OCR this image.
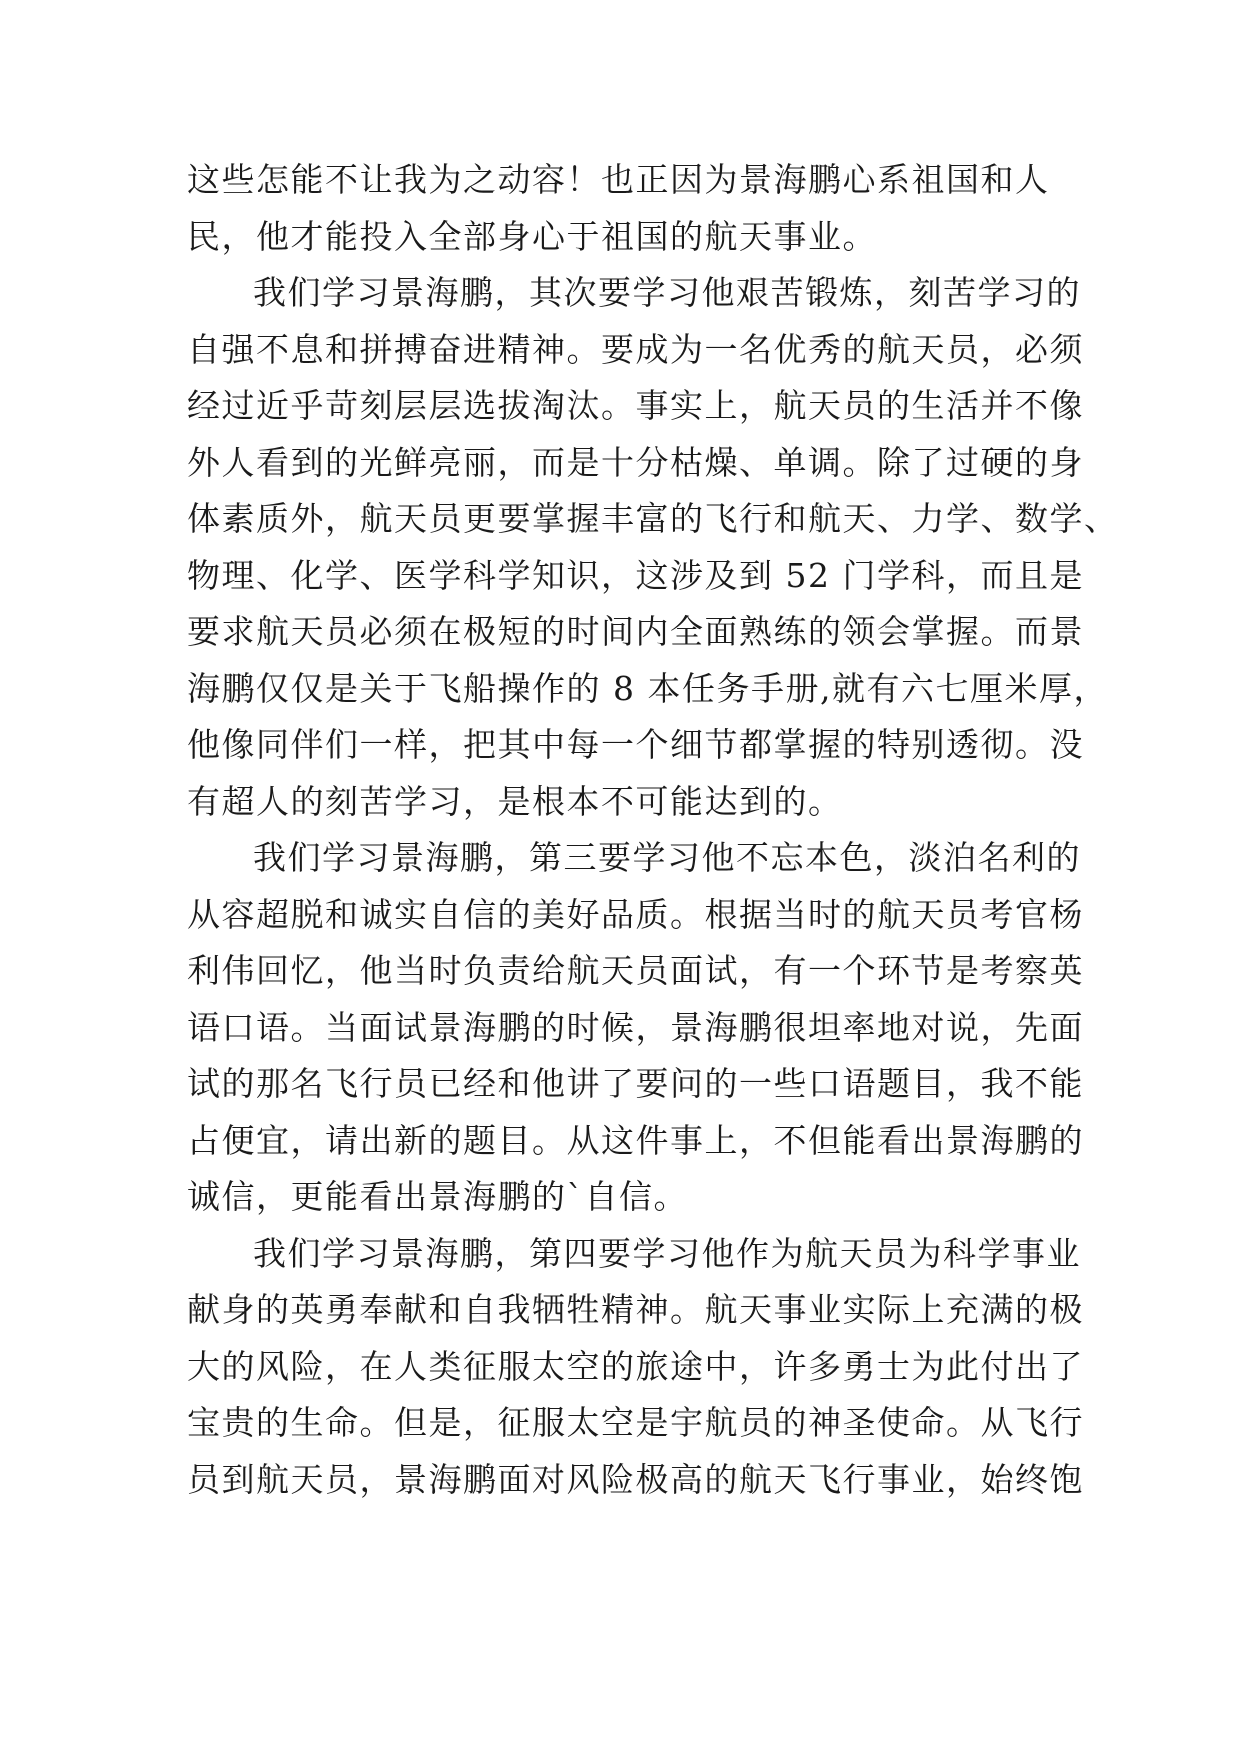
这些怎能不让我为之动容！也正因为景海鹏心系祖国和人
民，他才能投入全部身心于祖国的航天事业。
我们学习景海鹏，其次要学习他艰苦锻炼，刻苦学习的
自强不息和拼搏奋进精神。要成为一名优秀的航天员，必须
经过近乎苛刻层层选拔淘汰。事实上，航天员的生活并不像
外人看到的光鲜亮丽，而是十分枯燥、单调。除了过硬的身
体素质外，航天员更要掌握丰富的飞行和航天、力学、数学、
物理、化学、医学科学知识，这涉及到 52 门学科，而且是
要求航天员必须在极短的时间内全面熟练的领会掌握。而景
海鹏仅仅是关于飞船操作的 8 本任务手册,就有六七厘米厚，
他像同伴们一样，把其中每一个细节都掌握的特别透彻。没
有超人的刻苦学习，是根本不可能达到的。
我们学习景海鹏，第三要学习他不忘本色，淡泊名利的
从容超脱和诚实自信的美好品质。根据当时的航天员考官杨
利伟回忆，他当时负责给航天员面试，有一个环节是考察英
语口语。当面试景海鹏的时候，景海鹏很坦率地对说，先面
试的那名飞行员已经和他讲了要问的一些口语题目，我不能
占便宜，请出新的题目。从这件事上，不但能看出景海鹏的
诚信，更能看出景海鹏的`自信。
我们学习景海鹏，第四要学习他作为航天员为科学事业
献身的英勇奉献和自我牺牲精神。航天事业实际上充满的极
大的风险，在人类征服太空的旅途中，许多勇士为此付出了
宝贵的生命。但是，征服太空是宇航员的神圣使命。从飞行
员到航天员，景海鹏面对风险极高的航天飞行事业，始终饱
